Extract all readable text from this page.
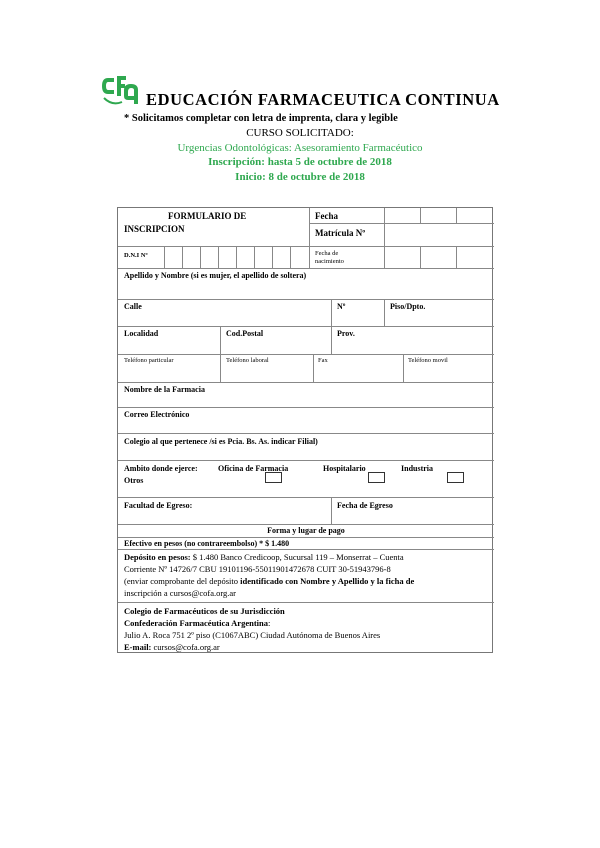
EDUCACIÓN FARMACEUTICA CONTINUA
* Solicitamos completar con letra de imprenta, clara y legible
CURSO SOLICITADO:
Urgencias Odontológicas: Asesoramiento Farmacéutico
Inscripción: hasta 5 de octubre de 2018
Inicio: 8 de octubre de 2018
FORMULARIO DE
INSCRIPCION
Fecha
Matrícula Nº
D.N.I Nº	Fecha de
nacimiento
Apellido y Nombre (si es mujer, el apellido de soltera)
Calle	Nº	Piso/Dpto.
Localidad	Cod.Postal	Prov.
Teléfono particular	Teléfono laboral	Fax	Teléfono movil
Nombre de la Farmacia
Correo Electrónico
Colegio al que pertenece /si es Pcia. Bs. As. indicar Filial)
Ambito donde ejerce:	Oficina de Farmacia	Hospitalario	Industria
Otros
Facultad de Egreso:	Fecha de Egreso
Forma y lugar de pago
Efectivo en pesos (no contrareembolso) * $ 1.480
Depósito en pesos: $ 1.480 Banco Credicoop, Sucursal 119 – Monserrat – Cuenta
Corriente Nº 14726/7 CBU 19101196-55011901472678 CUIT 30-51943796-8
(enviar comprobante del depósito identificado con Nombre y Apellido y la ficha de
inscripción a cursos@cofa.org.ar
Colegio de Farmacéuticos de su Jurisdicción
Confederación Farmacéutica Argentina:
Julio A. Roca 751 2º piso (C1067ABC) Ciudad Autónoma de Buenos Aires
E-mail: cursos@cofa.org.ar
